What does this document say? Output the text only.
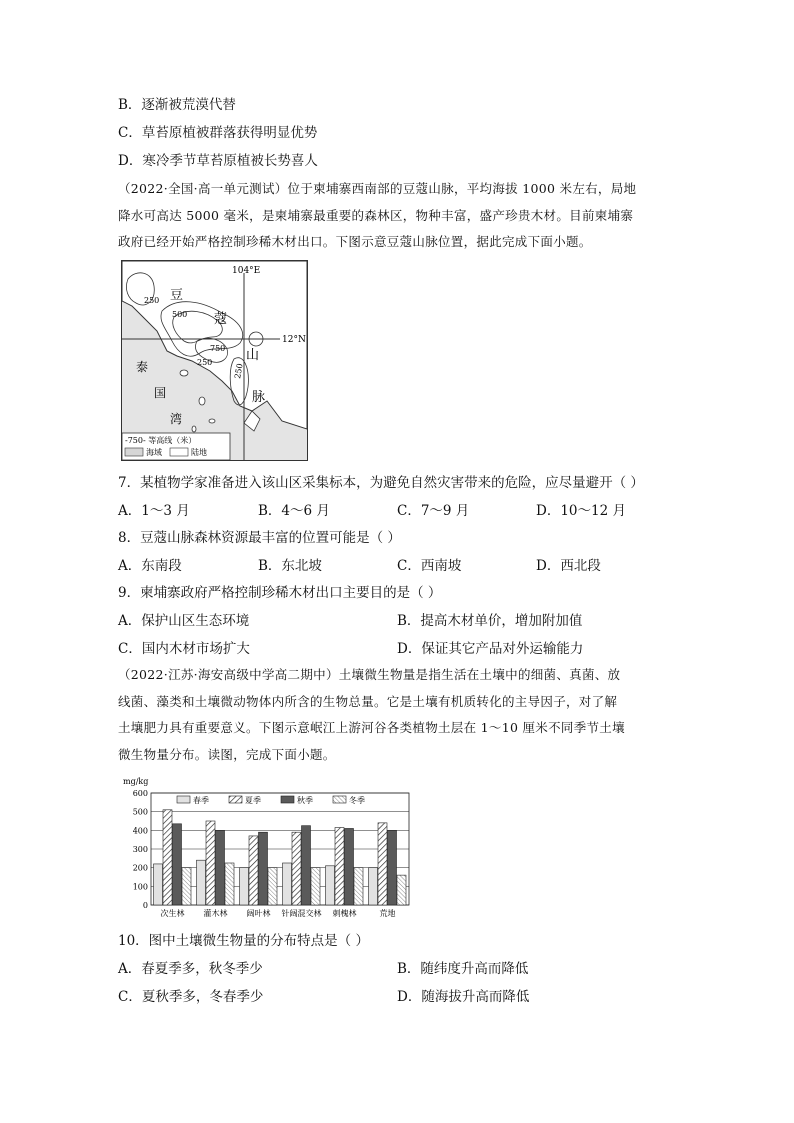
B．逐渐被荒漠代替
C．草苔原植被群落获得明显优势
D．寒冷季节草苔原植被长势喜人
（2022·全国·高一单元测试）位于柬埔寨西南部的豆蔻山脉，平均海拔 1000 米左右，局地
降水可高达 5000 毫米，是柬埔寨最重要的森林区，物种丰富，盛产珍贵木材。目前柬埔寨
政府已经开始严格控制珍稀木材出口。下图示意豆蔻山脉位置，据此完成下面小题。
104°E
12°N
250
500
750
250
250
豆
蔻
山
脉
泰
国
湾
-750- 等高线（米）
海域	陆地
7．某植物学家准备进入该山区采集标本，为避免自然灾害带来的危险，应尽量避开（ ）
A．1～3 月	B．4～6 月	C．7～9 月	D．10～12 月
8．豆蔻山脉森林资源最丰富的位置可能是（ ）
A．东南段	B．东北坡	C．西南坡	D．西北段
9．柬埔寨政府严格控制珍稀木材出口主要目的是（ ）
A．保护山区生态环境	B．提高木材单价，增加附加值
C．国内木材市场扩大	D．保证其它产品对外运输能力
（2022·江苏·海安高级中学高二期中）土壤微生物量是指生活在土壤中的细菌、真菌、放
线菌、藻类和土壤微动物体内所含的生物总量。它是土壤有机质转化的主导因子，对了解
土壤肥力具有重要意义。下图示意岷江上游河谷各类植物土层在 1～10 厘米不同季节土壤
微生物量分布。读图，完成下面小题。
mg/kg
0
100
200
300
400
500
600
春季	夏季	秋季	冬季
次生林 灌木林 阔叶林 针阔混交林 刺槐林	荒地
10．图中土壤微生物量的分布特点是（ ）
A．春夏季多，秋冬季少	B．随纬度升高而降低
C．夏秋季多，冬春季少	D．随海拔升高而降低
